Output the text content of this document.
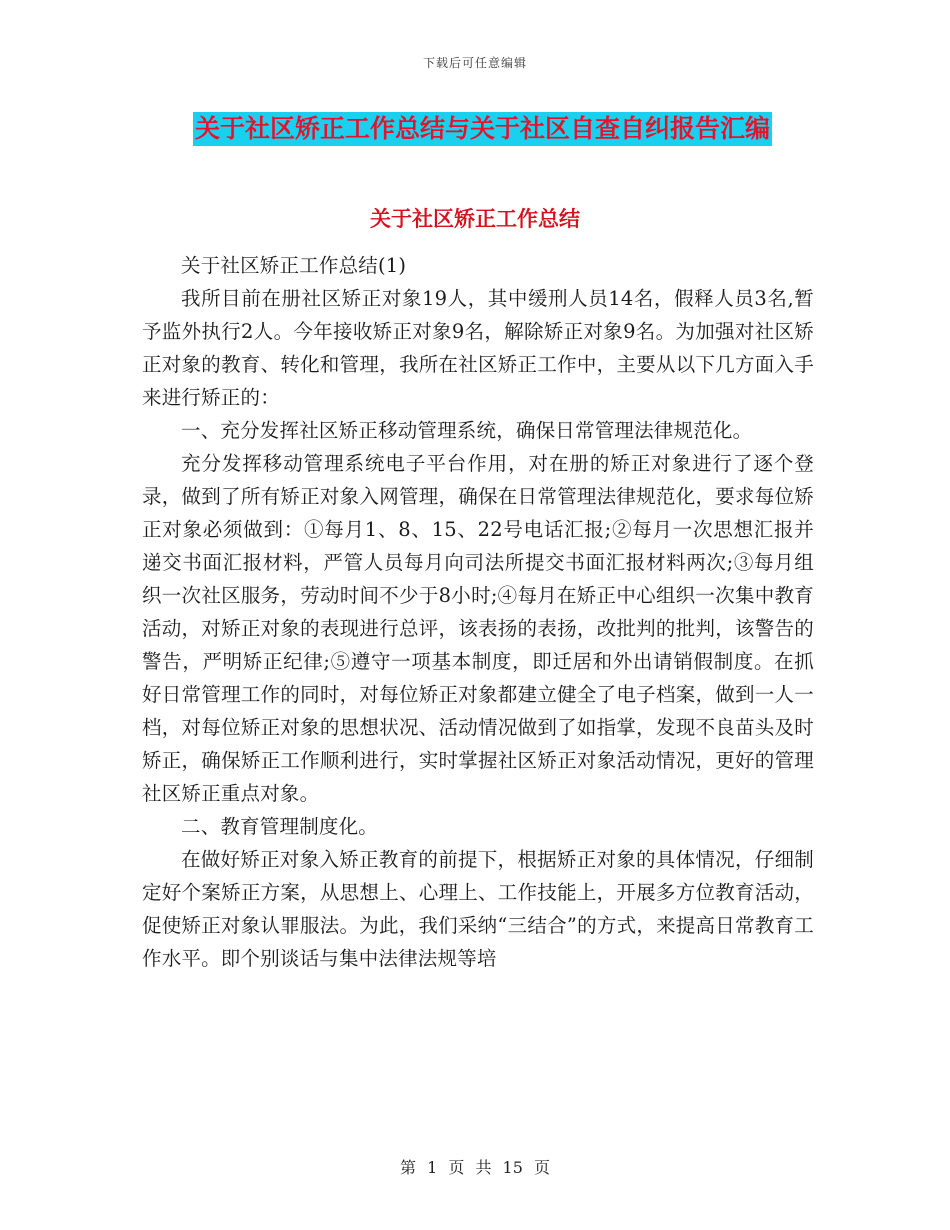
下载后可任意编辑
关于社区矫正工作总结与关于社区自查自纠报告汇编
关于社区矫正工作总结

关于社区矫正工作总结(1)

我所目前在册社区矫正对象19人，其中缓刑人员14名，假释人员3名,暂予监外执行2人。今年接收矫正对象9名，解除矫正对象9名。为加强对社区矫正对象的教育、转化和管理，我所在社区矫正工作中，主要从以下几方面入手来进行矫正的：

一、充分发挥社区矫正移动管理系统，确保日常管理法律规范化。

充分发挥移动管理系统电子平台作用，对在册的矫正对象进行了逐个登录，做到了所有矫正对象入网管理，确保在日常管理法律规范化，要求每位矫正对象必须做到：①每月1、8、15、22号电话汇报;②每月一次思想汇报并递交书面汇报材料，严管人员每月向司法所提交书面汇报材料两次;③每月组织一次社区服务，劳动时间不少于8小时;④每月在矫正中心组织一次集中教育活动，对矫正对象的表现进行总评，该表扬的表扬，改批判的批判，该警告的警告，严明矫正纪律;⑤遵守一项基本制度，即迁居和外出请销假制度。在抓好日常管理工作的同时，对每位矫正对象都建立健全了电子档案，做到一人一档，对每位矫正对象的思想状况、活动情况做到了如指掌，发现不良苗头及时矫正，确保矫正工作顺利进行，实时掌握社区矫正对象活动情况，更好的管理社区矫正重点对象。

二、教育管理制度化。

在做好矫正对象入矫正教育的前提下，根据矫正对象的具体情况，仔细制定好个案矫正方案，从思想上、心理上、工作技能上，开展多方位教育活动，促使矫正对象认罪服法。为此，我们采纳“三结合”的方式，来提高日常教育工作水平。即个别谈话与集中法律法规等培

第 1 页 共 15 页
